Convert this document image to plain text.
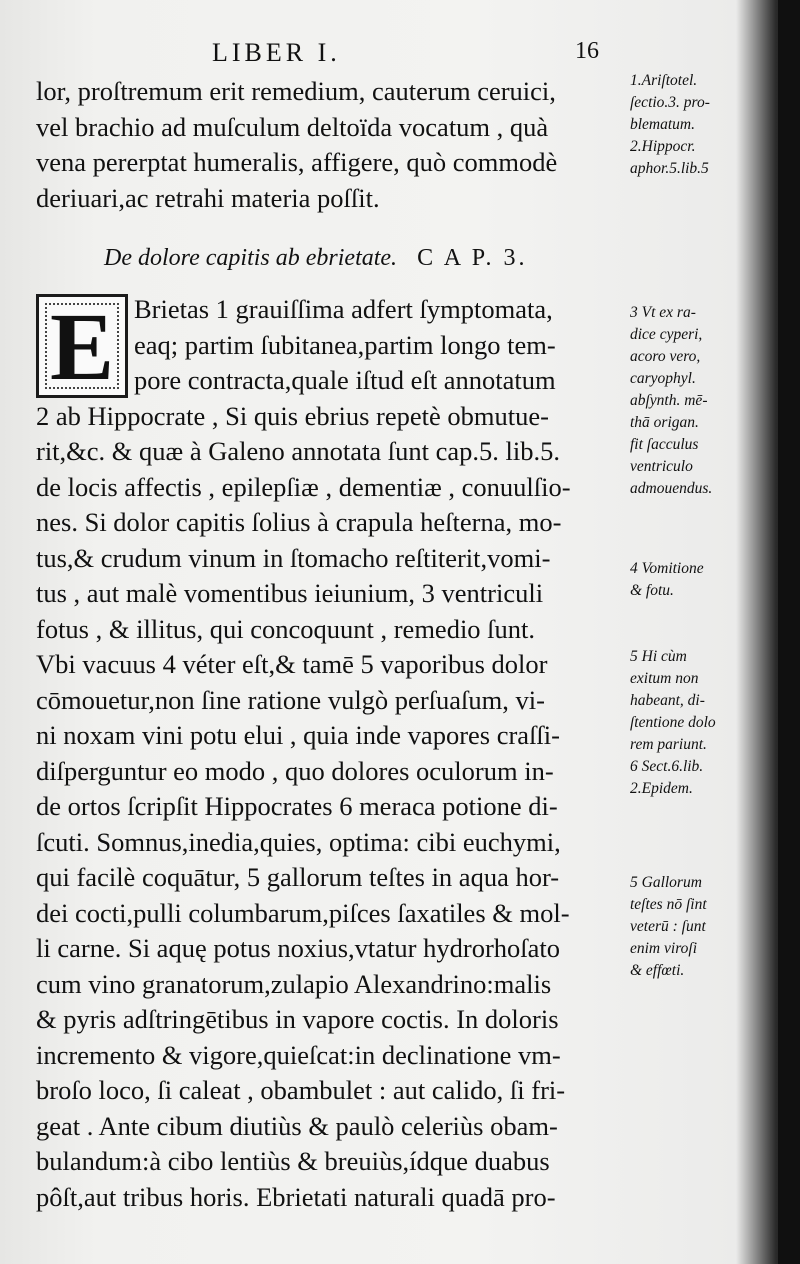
LIBER I.	16
lor, proſtremum erit remedium, cauterum ceruici,
vel brachio ad muſculum deltoïda vocatum , quà
vena pererptat humeralis, affigere, quò commodè
deriuari,ac retrahi materia poſſit.
De dolore capitis ab ebrietate. C A P. 3.
E Brietas 1 grauiſſima adfert ſymptomata,
eaq; partim ſubitanea,partim longo tem-
pore contracta,quale iſtud eſt annotatum
2 ab Hippocrate , Si quis ebrius repetè obmutue-
rit,&c. & quæ à Galeno annotata ſunt cap.5. lib.5.
de locis affectis , epilepſiæ , dementiæ , conuulſio-
nes. Si dolor capitis ſolius à crapula heſterna, mo-
tus,& crudum vinum in ſtomacho reſtiterit,vomi-
tus , aut malè vomentibus ieiunium, 3 ventriculi
fotus , & illitus, qui concoquunt , remedio ſunt.
Vbi vacuus 4 véter eſt,& tamē 5 vaporibus dolor
cōmouetur,non ſine ratione vulgò perſuaſum, vi-
ni noxam vini potu elui , quia inde vapores craſſi-
diſperguntur eo modo , quo dolores oculorum in-
de ortos ſcripſit Hippocrates 6 meraca potione di-
ſcuti. Somnus,inedia,quies, optima: cibi euchymi,
qui facilè coquātur, 5 gallorum teſtes in aqua hor-
dei cocti,pulli columbarum,piſces ſaxatiles & mol-
li carne. Si aquę potus noxius,vtatur hydrorhoſato
cum vino granatorum,zulapio Alexandrino:malis
& pyris adſtringētibus in vapore coctis. In doloris
incremento & vigore,quieſcat:in declinatione vm-
broſo loco, ſi caleat , obambulet : aut calido, ſi fri-
geat . Ante cibum diutiùs & paulò celeriùs obam-
bulandum:à cibo lentiùs & breuiùs,ídque duabus
pôſt,aut tribus horis. Ebrietati naturali quadā pro-
1.Ariſtotel.
ſectio.3. pro-
blematum.
2.Hippocr.
aphor.5.lib.5
3 Vt ex ra-
dice cyperi,
acoro vero,
caryophyl.
abſynth. mē-
thā origan.
fit ſacculus
ventriculo
admouendus.
4 Vomitione
& fotu.
5 Hi cùm
exitum non
habeant, di-
ſtentione dolo
rem pariunt.
6 Sect.6.lib.
2.Epidem.
5 Gallorum
teſtes nō ſint
veterū : ſunt
enim viroſi
& effœti.
